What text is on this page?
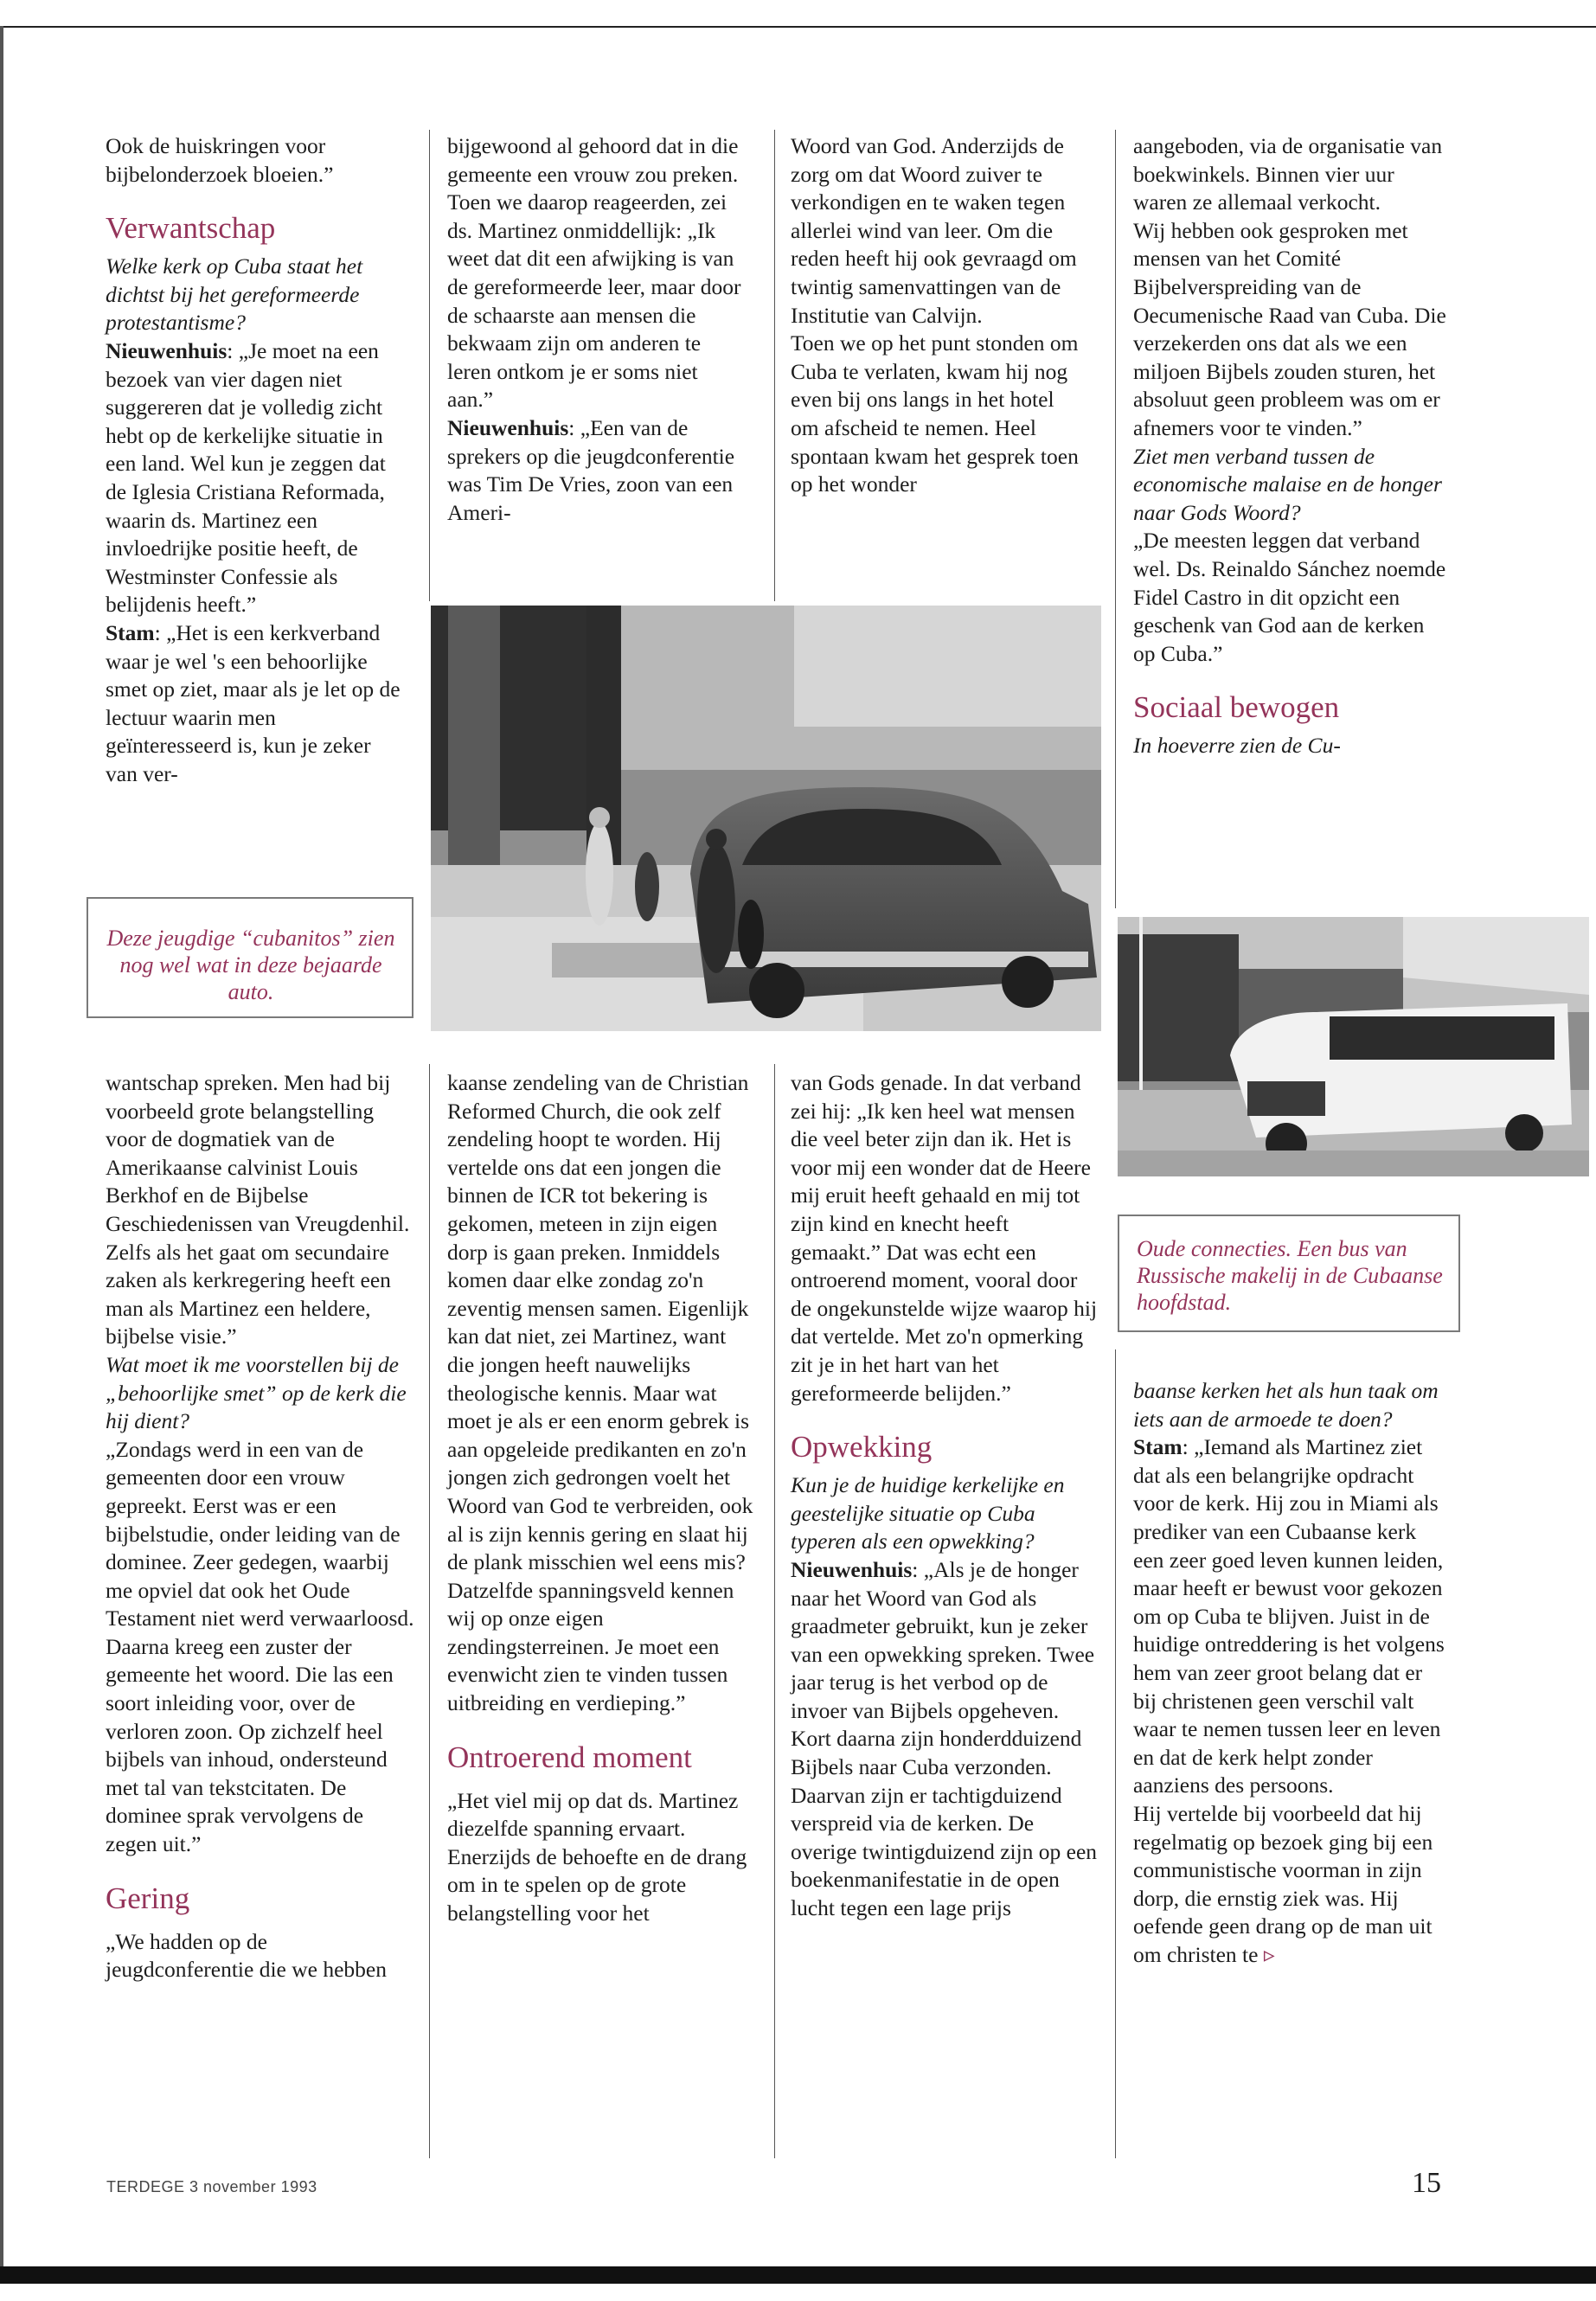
Ook de huiskringen voor bijbelonderzoek bloeien.”

Verwantschap

Welke kerk op Cuba staat het dichtst bij het gereformeerde protestantisme?

Nieuwenhuis: „Je moet na een bezoek van vier dagen niet suggereren dat je volledig zicht hebt op de kerkelijke situatie in een land. Wel kun je zeggen dat de Iglesia Cristiana Reformada, waarin ds. Martinez een invloedrijke positie heeft, de Westminster Confessie als belijdenis heeft.”

Stam: „Het is een kerkverband waar je wel 's een behoorlijke smet op ziet, maar als je let op de lectuur waarin men geïnteresseerd is, kun je zeker van ver-

bijgewoond al gehoord dat in die gemeente een vrouw zou preken. Toen we daarop reageerden, zei ds. Martinez onmiddellijk: „Ik weet dat dit een afwijking is van de gereformeerde leer, maar door de schaarste aan mensen die bekwaam zijn om anderen te leren ontkom je er soms niet aan.”

Nieuwenhuis: „Een van de sprekers op die jeugdconferentie was Tim De Vries, zoon van een Ameri-

Woord van God. Anderzijds de zorg om dat Woord zuiver te verkondigen en te waken tegen allerlei wind van leer. Om die reden heeft hij ook gevraagd om twintig samenvattingen van de Institutie van Calvijn.

Toen we op het punt stonden om Cuba te verlaten, kwam hij nog even bij ons langs in het hotel om afscheid te nemen. Heel spontaan kwam het gesprek toen op het wonder

aangeboden, via de organisatie van boekwinkels. Binnen vier uur waren ze allemaal verkocht.

Wij hebben ook gesproken met mensen van het Comité Bijbelverspreiding van de Oecumenische Raad van Cuba. Die verzekerden ons dat als we een miljoen Bijbels zouden sturen, het absoluut geen probleem was om er afnemers voor te vinden.”

Ziet men verband tussen de economische malaise en de honger naar Gods Woord?

„De meesten leggen dat verband wel. Ds. Reinaldo Sánchez noemde Fidel Castro in dit opzicht een geschenk van God aan de kerken op Cuba.”

Sociaal bewogen

In hoeverre zien de Cu-

Deze jeugdige “cubanitos” zien nog wel wat in deze bejaarde auto.
Oude connecties. Een bus van Russische makelij in de Cubaanse hoofdstad.

wantschap spreken. Men had bij voorbeeld grote belangstelling voor de dogmatiek van de Amerikaanse calvinist Louis Berkhof en de Bijbelse Geschiedenissen van Vreugdenhil. Zelfs als het gaat om secundaire zaken als kerkregering heeft een man als Martinez een heldere, bijbelse visie.”

Wat moet ik me voorstellen bij de „behoorlijke smet” op de kerk die hij dient?

„Zondags werd in een van de gemeenten door een vrouw gepreekt. Eerst was er een bijbelstudie, onder leiding van de dominee. Zeer gedegen, waarbij me opviel dat ook het Oude Testament niet werd verwaarloosd. Daarna kreeg een zuster der gemeente het woord. Die las een soort inleiding voor, over de verloren zoon. Op zichzelf heel bijbels van inhoud, ondersteund met tal van tekstcitaten. De dominee sprak vervolgens de zegen uit.”

Gering

„We hadden op de jeugdconferentie die we hebben

kaanse zendeling van de Christian Reformed Church, die ook zelf zendeling hoopt te worden. Hij vertelde ons dat een jongen die binnen de ICR tot bekering is gekomen, meteen in zijn eigen dorp is gaan preken. Inmiddels komen daar elke zondag zo'n zeventig mensen samen. Eigenlijk kan dat niet, zei Martinez, want die jongen heeft nauwelijks theologische kennis. Maar wat moet je als er een enorm gebrek is aan opgeleide predikanten en zo'n jongen zich gedrongen voelt het Woord van God te verbreiden, ook al is zijn kennis gering en slaat hij de plank misschien wel eens mis? Datzelfde spanningsveld kennen wij op onze eigen zendingsterreinen. Je moet een evenwicht zien te vinden tussen uitbreiding en verdieping.”

Ontroerend moment

„Het viel mij op dat ds. Martinez diezelfde spanning ervaart. Enerzijds de behoefte en de drang om in te spelen op de grote belangstelling voor het

van Gods genade. In dat verband zei hij: „Ik ken heel wat mensen die veel beter zijn dan ik. Het is voor mij een wonder dat de Heere mij eruit heeft gehaald en mij tot zijn kind en knecht heeft gemaakt.” Dat was echt een ontroerend moment, vooral door de ongekunstelde wijze waarop hij dat vertelde. Met zo'n opmerking zit je in het hart van het gereformeerde belijden.”

Opwekking

Kun je de huidige kerkelijke en geestelijke situatie op Cuba typeren als een opwekking?

Nieuwenhuis: „Als je de honger naar het Woord van God als graadmeter gebruikt, kun je zeker van een opwekking spreken. Twee jaar terug is het verbod op de invoer van Bijbels opgeheven. Kort daarna zijn honderdduizend Bijbels naar Cuba verzonden. Daarvan zijn er tachtigduizend verspreid via de kerken. De overige twintigduizend zijn op een boekenmanifestatie in de open lucht tegen een lage prijs

baanse kerken het als hun taak om iets aan de armoede te doen?

Stam: „Iemand als Martinez ziet dat als een belangrijke opdracht voor de kerk. Hij zou in Miami als prediker van een Cubaanse kerk een zeer goed leven kunnen leiden, maar heeft er bewust voor gekozen om op Cuba te blijven. Juist in de huidige ontreddering is het volgens hem van zeer groot belang dat er bij christenen geen verschil valt waar te nemen tussen leer en leven en dat de kerk helpt zonder aanziens des persoons.

Hij vertelde bij voorbeeld dat hij regelmatig op bezoek ging bij een communistische voorman in zijn dorp, die ernstig ziek was. Hij oefende geen drang op de man uit om christen te ▹

TERDEGE 3 november 1993	15
